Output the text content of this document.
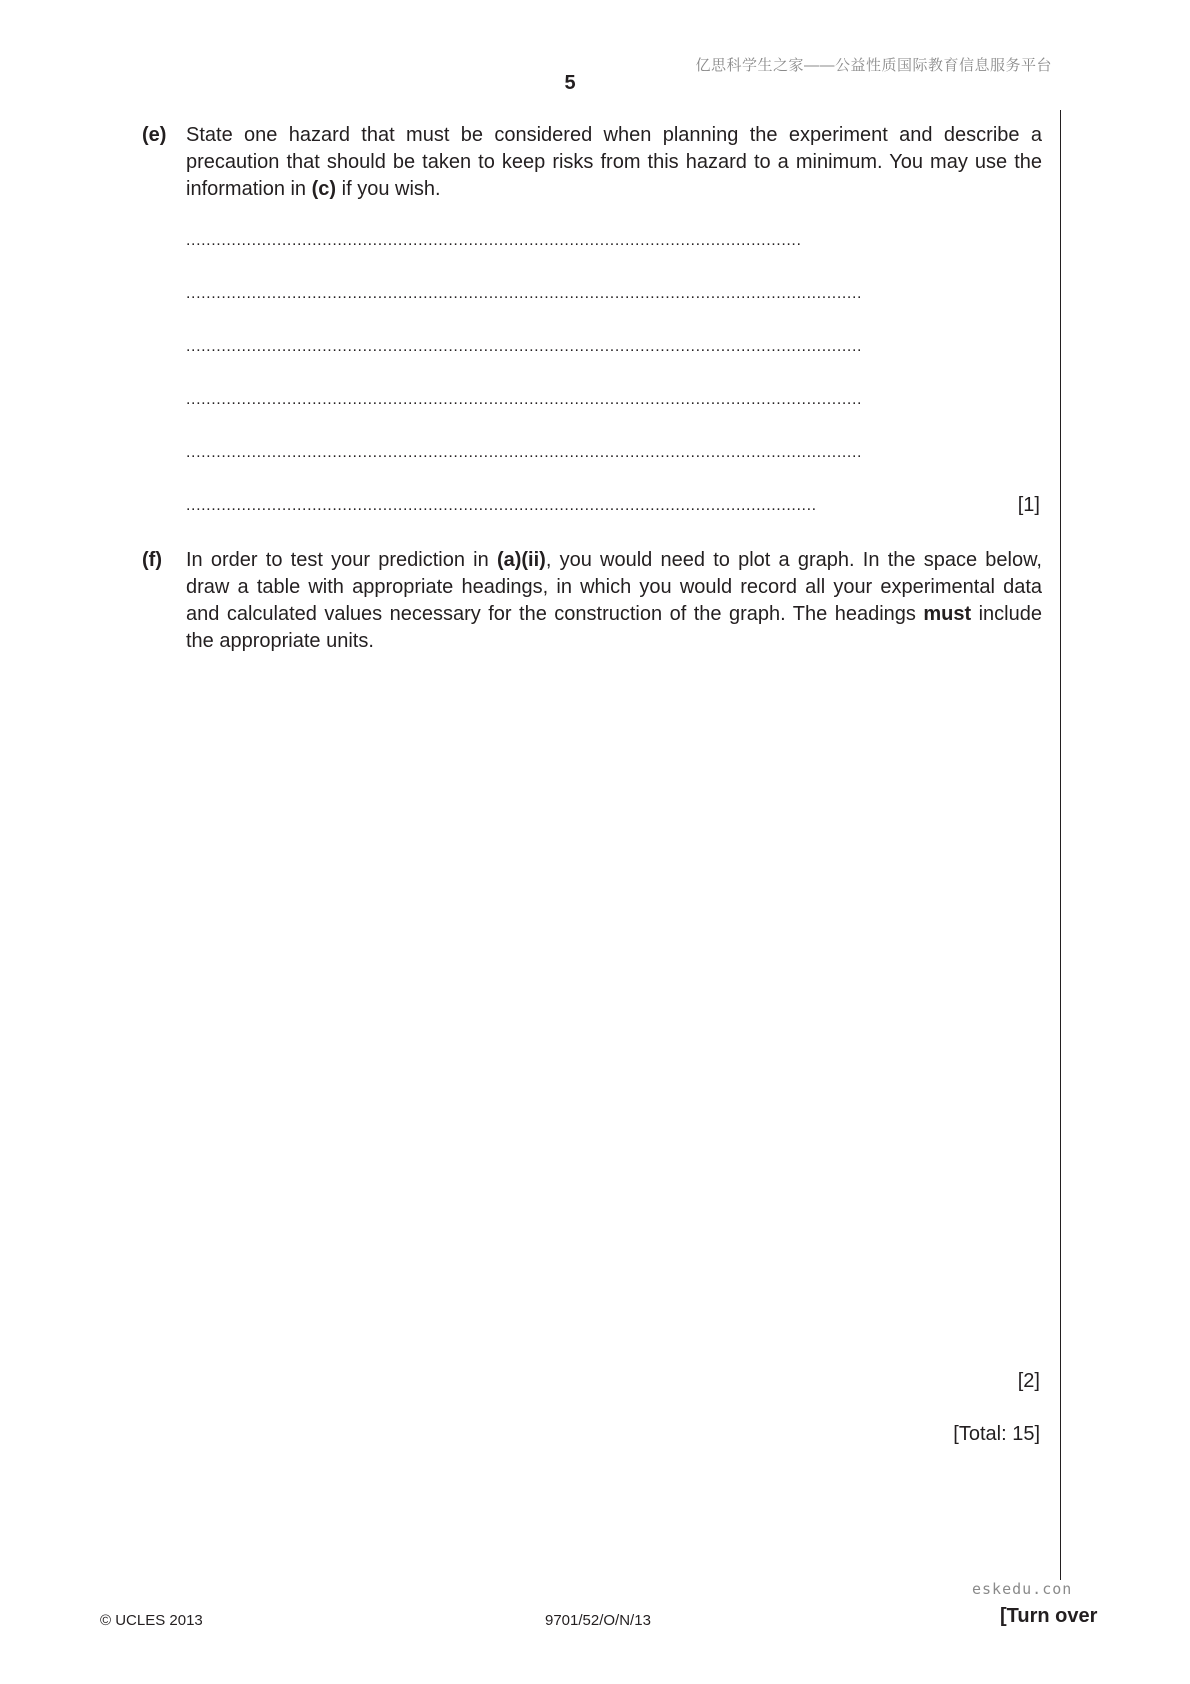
亿思科学生之家——公益性质国际教育信息服务平台
5
(e) State one hazard that must be considered when planning the experiment and describe a precaution that should be taken to keep risks from this hazard to a minimum. You may use the information in (c) if you wish.
..........................................................................................................................
......................................................................................................................................
......................................................................................................................................
......................................................................................................................................
......................................................................................................................................
.............................................................................................................................	[1]
(f) In order to test your prediction in (a)(ii), you would need to plot a graph. In the space below, draw a table with appropriate headings, in which you would record all your experimental data and calculated values necessary for the construction of the graph. The headings must include the appropriate units.
[2]
[Total: 15]
eskedu.con
© UCLES 2013	9701/52/O/N/13	[Turn over
